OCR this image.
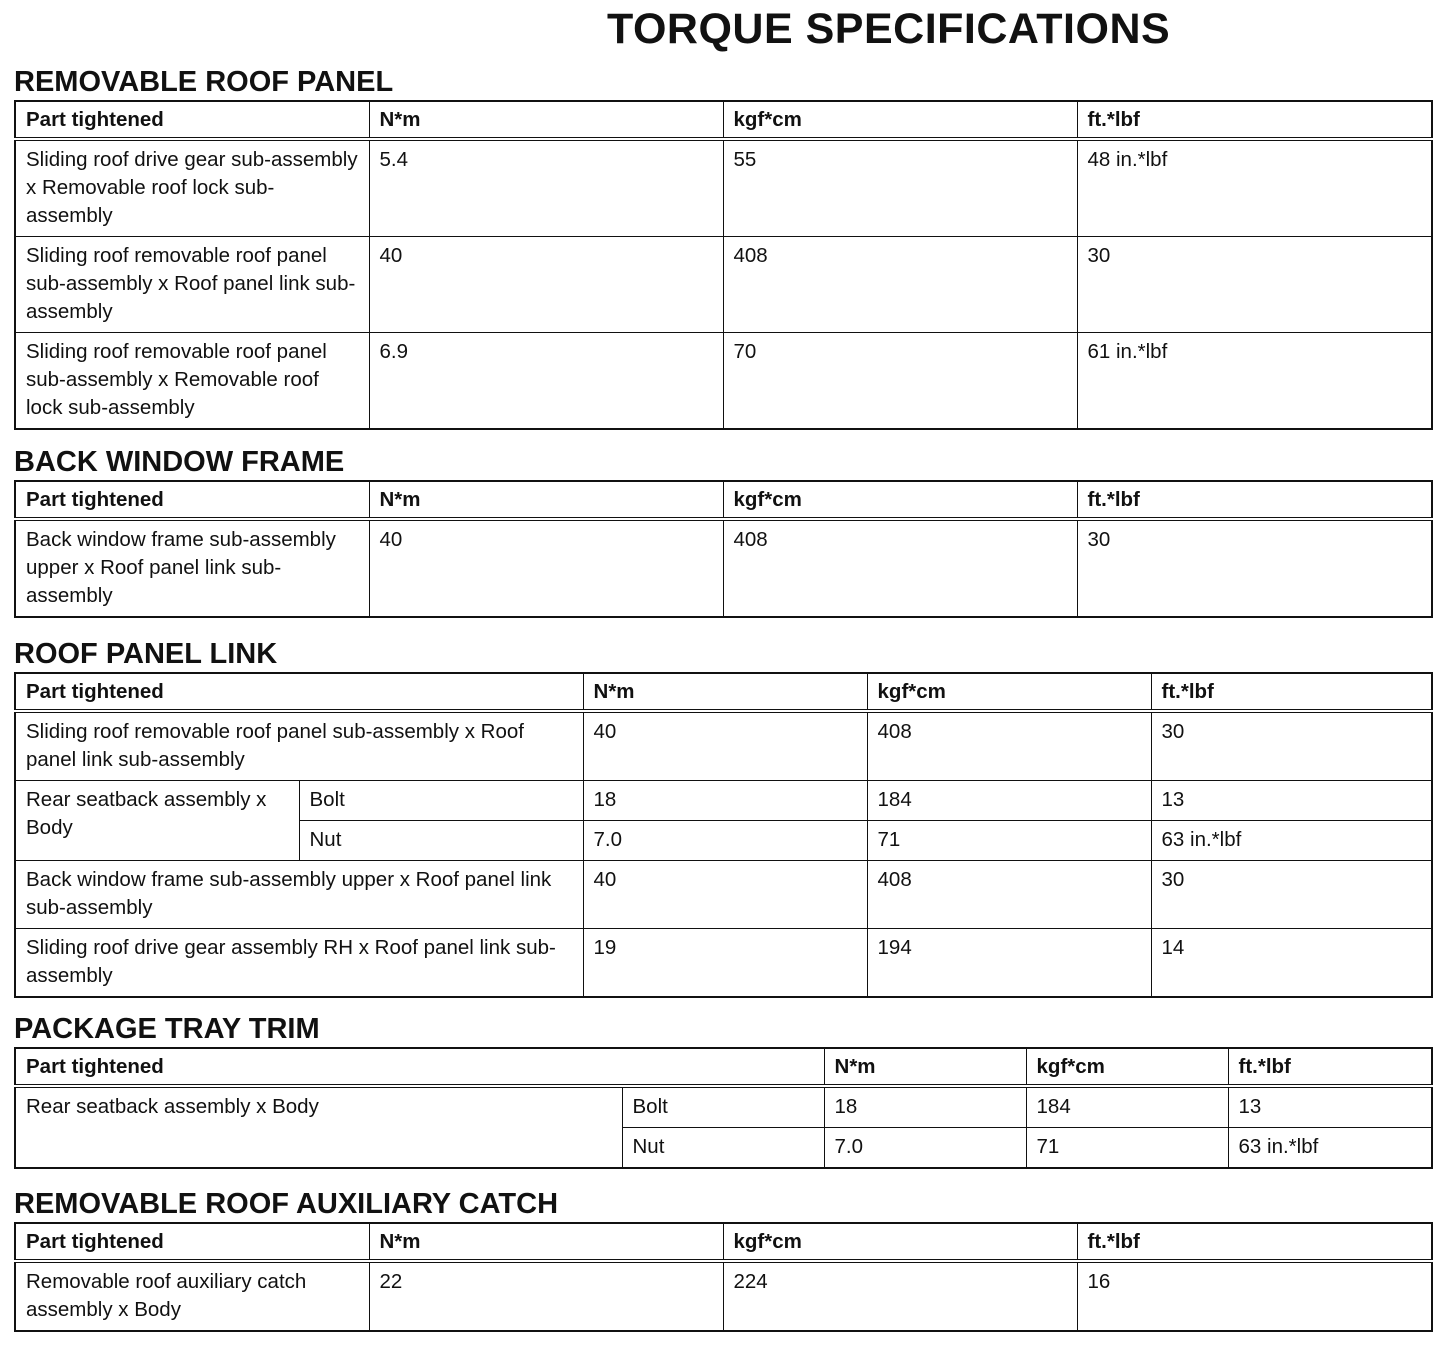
TORQUE SPECIFICATIONS
REMOVABLE ROOF PANEL
Part tightened	N*m	kgf*cm	ft.*lbf
Sliding roof drive gear sub-assembly x Removable roof lock sub-assembly	5.4	55	48 in.*lbf
Sliding roof removable roof panel sub-assembly x Roof panel link sub-assembly	40	408	30
Sliding roof removable roof panel sub-assembly x Removable roof lock sub-assembly	6.9	70	61 in.*lbf
BACK WINDOW FRAME
Part tightened	N*m	kgf*cm	ft.*lbf
Back window frame sub-assembly upper x Roof panel link sub-assembly	40	408	30
ROOF PANEL LINK
Part tightened		N*m	kgf*cm	ft.*lbf
Sliding roof removable roof panel sub-assembly x Roof panel link sub-assembly		40	408	30
Rear seatback assembly x Body	Bolt	18	184	13
	Nut	7.0	71	63 in.*lbf
Back window frame sub-assembly upper x Roof panel link sub-assembly		40	408	30
Sliding roof drive gear assembly RH x Roof panel link sub-assembly		19	194	14
PACKAGE TRAY TRIM
Part tightened		N*m	kgf*cm	ft.*lbf
Rear seatback assembly x Body	Bolt	18	184	13
	Nut	7.0	71	63 in.*lbf
REMOVABLE ROOF AUXILIARY CATCH
Part tightened	N*m	kgf*cm	ft.*lbf
Removable roof auxiliary catch assembly x Body	22	224	16
